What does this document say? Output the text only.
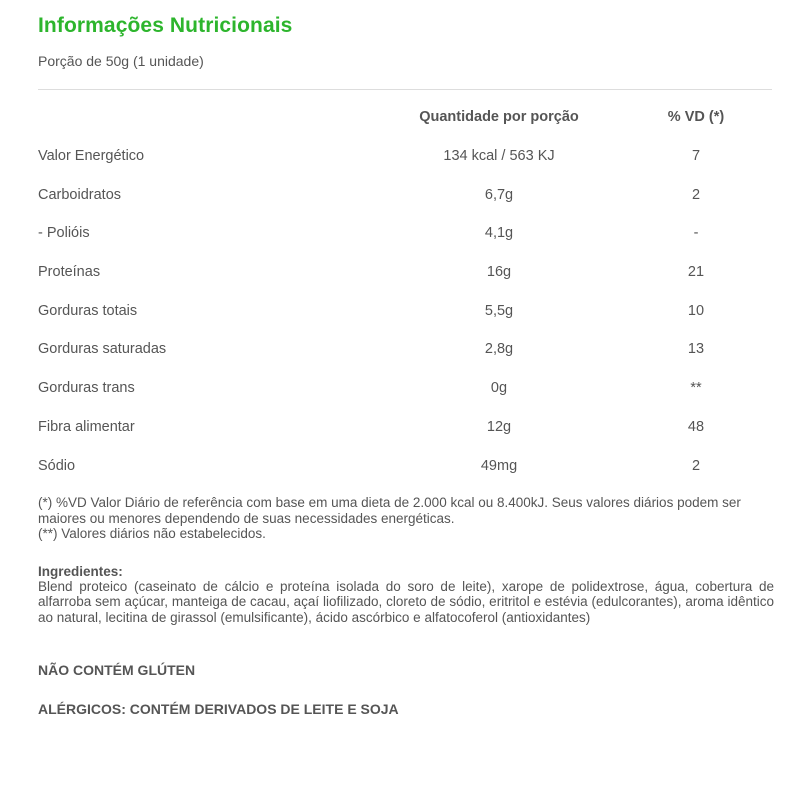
Informações Nutricionais
Porção de 50g (1 unidade)
	Quantidade por porção	% VD (*)
Valor Energético	134 kcal / 563 KJ	7
Carboidratos	6,7g	2
- Polióis	4,1g	-
Proteínas	16g	21
Gorduras totais	5,5g	10
Gorduras saturadas	2,8g	13
Gorduras trans	0g	**
Fibra alimentar	12g	48
Sódio	49mg	2
(*) %VD Valor Diário de referência com base em uma dieta de 2.000 kcal ou 8.400kJ. Seus valores diários podem ser maiores ou menores dependendo de suas necessidades energéticas.
(**) Valores diários não estabelecidos.
Ingredientes:
Blend proteico (caseinato de cálcio e proteína isolada do soro de leite), xarope de polidextrose, água, cobertura de alfarroba sem açúcar, manteiga de cacau, açaí liofilizado, cloreto de sódio, eritritol e estévia (edulcorantes), aroma idêntico ao natural, lecitina de girassol (emulsificante), ácido ascórbico e alfatocoferol (antioxidantes)
NÃO CONTÉM GLÚTEN
ALÉRGICOS: CONTÉM DERIVADOS DE LEITE E SOJA
